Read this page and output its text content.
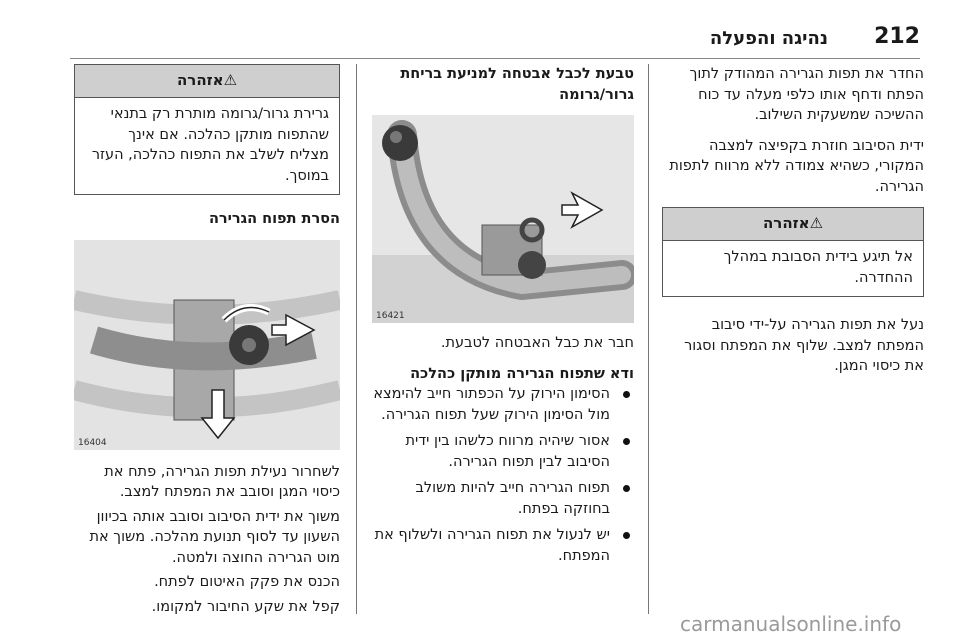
212
נהיגה והפעלה

החדר את תפות הגרירה המהודק לתוך הפתח ודחף אותו כלפי מעלה עד כוח ההשיכה שמשעקית השילוב.

ידית הסיבוב חוזרת בקפיצה למצבה המקורי, כשהיא צמודה ללא מרווח לתפות הגרירה.

⚠אזהרה
אל תיגע בידית הסבובת במהלך ההחדרה.

נעל את תפות הגרירה על-ידי סיבוב המפתח למצב. שלוף את המפתח וסגור את כיסוי המגן.

טבעת לכבל אבטחה למניעת בריחת גרור/גרומה
16421

חבר את כבל האבטחה לטבעת.

ודא שתפוח הגרירה מותקן כהלכה
הסימון הירוק על הכפתור חייב להימצא מול הסימון הירוק שעל תפוח הגרירה.
אסור שיהיה מרווח כלשהו בין ידית הסיבוב לבין תפוח הגרירה.
תפוח הגרירה חייב להיות משולב בחוזקה בפתח.
יש לנעול את תפוח הגרירה ולשלוף את המפתח.
⚠אזהרה
גרירת גרור/גרומה מותרת רק בתנאי שהתפוח מותקן כהלכה. אם אינך מצליח לשלב את התפוח כהלכה, העזר במוסך.
הסרת תפוח הגרירה
16404

לשחרור נעילת תפות הגרירה, פתח את כיסוי המגן וסובב את המפתח למצב.

משוך את ידית הסיבוב וסובב אותה בכיוון השעון עד לסוף תנועת מהלכה. משוך את מוט הגרירה החוצה ולמטה.

הכנס את פקק האיטום לפתח.

קפל את שקע החיבור למקומו.

carmanualsonline.info
